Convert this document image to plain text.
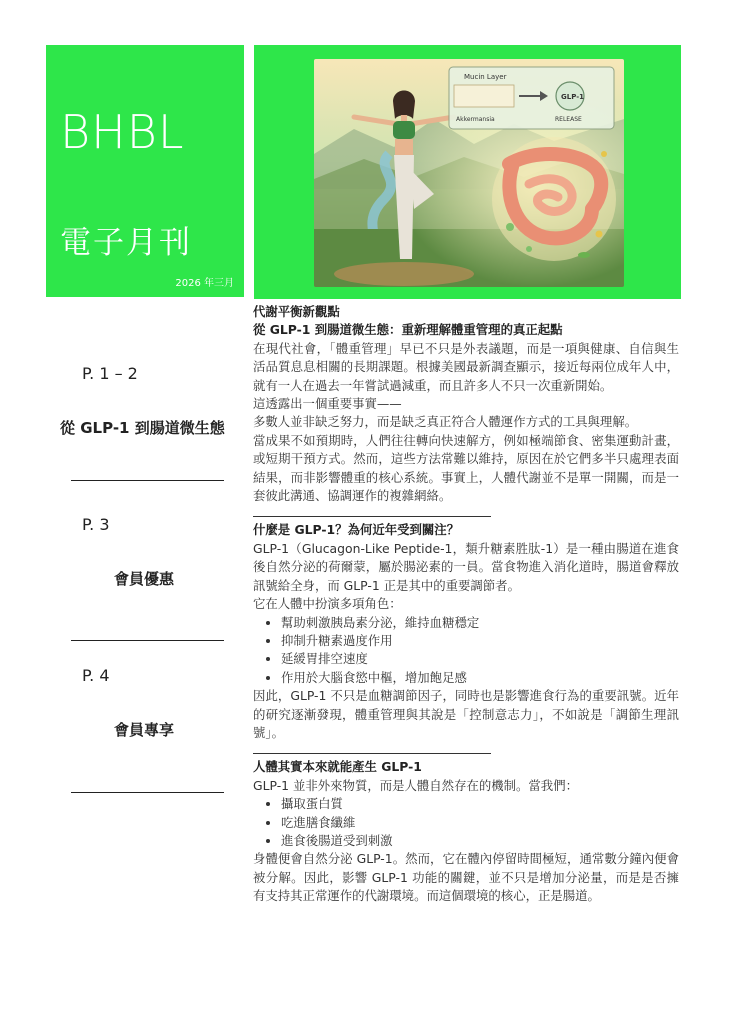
BHBL
電子月刊
2026 年三月
Mucin Layer
GLP-1
RELEASE
Akkermansia
P. 1 – 2
從 GLP-1 到腸道微生態
P. 3
會員優惠
P. 4
會員專享

代謝平衡新觀點

從 GLP-1 到腸道微生態：重新理解體重管理的真正起點

在現代社會，「體重管理」早已不只是外表議題，而是一項與健康、自信與生活品質息息相關的長期課題。根據美國最新調查顯示，接近每兩位成年人中，就有一人在過去一年嘗試過減重，而且許多人不只一次重新開始。

這透露出一個重要事實——

多數人並非缺乏努力，而是缺乏真正符合人體運作方式的工具與理解。

當成果不如預期時，人們往往轉向快速解方，例如極端節食、密集運動計畫，或短期干預方式。然而，這些方法常難以維持，原因在於它們多半只處理表面結果，而非影響體重的核心系統。事實上，人體代謝並不是單一開關，而是一套彼此溝通、協調運作的複雜網絡。

什麼是 GLP-1？為何近年受到關注？

GLP-1（Glucagon-Like Peptide-1，類升糖素胜肽-1）是一種由腸道在進食後自然分泌的荷爾蒙，屬於腸泌素的一員。當食物進入消化道時，腸道會釋放訊號給全身，而 GLP-1 正是其中的重要調節者。

它在人體中扮演多項角色：

• 幫助刺激胰島素分泌，維持血糖穩定
• 抑制升糖素過度作用
• 延緩胃排空速度
• 作用於大腦食慾中樞，增加飽足感

因此，GLP-1 不只是血糖調節因子，同時也是影響進食行為的重要訊號。近年的研究逐漸發現，體重管理與其說是「控制意志力」，不如說是「調節生理訊號」。

人體其實本來就能產生 GLP-1

GLP-1 並非外來物質，而是人體自然存在的機制。當我們：

• 攝取蛋白質
• 吃進膳食纖維
• 進食後腸道受到刺激

身體便會自然分泌 GLP-1。然而，它在體內停留時間極短，通常數分鐘內便會被分解。因此，影響 GLP-1 功能的關鍵，並不只是增加分泌量，而是是否擁有支持其正常運作的代謝環境。而這個環境的核心，正是腸道。
